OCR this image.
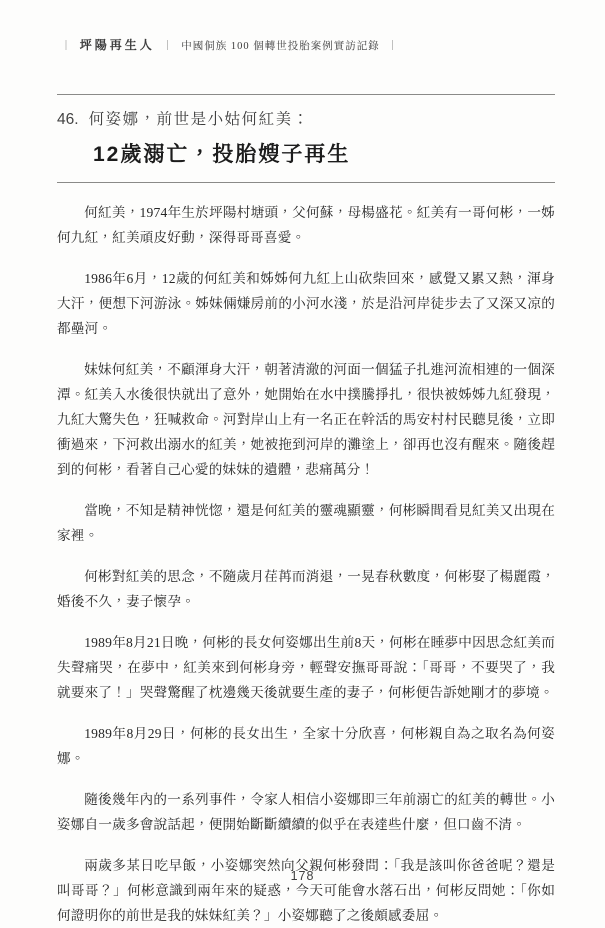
｜ 坪陽再生人 ｜ 中國侗族 100 個轉世投胎案例實訪記錄 ｜
46. 何姿娜，前世是小姑何紅美：
12歲溺亡，投胎嫂子再生

何紅美，1974年生於坪陽村塘頭，父何蘇，母楊盛花。紅美有一哥何彬，一姊何九紅，紅美頑皮好動，深得哥哥喜愛。

1986年6月，12歲的何紅美和姊姊何九紅上山砍柴回來，感覺又累又熱，渾身大汗，便想下河游泳。姊妹倆嫌房前的小河水淺，於是沿河岸徒步去了又深又凉的都壘河。

妹妹何紅美，不顧渾身大汗，朝著清澈的河面一個猛子扎進河流相連的一個深潭。紅美入水後很快就出了意外，她開始在水中撲騰掙扎，很快被姊姊九紅發現，九紅大驚失色，狂喊救命。河對岸山上有一名正在幹活的馬安村村民聽見後，立即衝過來，下河救出溺水的紅美，她被拖到河岸的灘塗上，卻再也沒有醒來。隨後趕到的何彬，看著自己心愛的妹妹的遺體，悲痛萬分！

當晚，不知是精神恍惚，還是何紅美的靈魂顯靈，何彬瞬間看見紅美又出現在家裡。

何彬對紅美的思念，不隨歲月荏苒而消退，一晃春秋數度，何彬娶了楊麗霞，婚後不久，妻子懷孕。

1989年8月21日晚，何彬的長女何姿娜出生前8天，何彬在睡夢中因思念紅美而失聲痛哭，在夢中，紅美來到何彬身旁，輕聲安撫哥哥說：「哥哥，不要哭了，我就要來了！」哭聲驚醒了枕邊幾天後就要生產的妻子，何彬便告訴她剛才的夢境。

1989年8月29日，何彬的長女出生，全家十分欣喜，何彬親自為之取名為何姿娜。

隨後幾年內的一系列事件，令家人相信小姿娜即三年前溺亡的紅美的轉世。小姿娜自一歲多會說話起，便開始斷斷續續的似乎在表達些什麼，但口齒不清。

兩歲多某日吃早飯，小姿娜突然向父親何彬發問：「我是該叫你爸爸呢？還是叫哥哥？」何彬意識到兩年來的疑惑，今天可能會水落石出，何彬反問她：「你如何證明你的前世是我的妹妹紅美？」小姿娜聽了之後頗感委屈。

178
